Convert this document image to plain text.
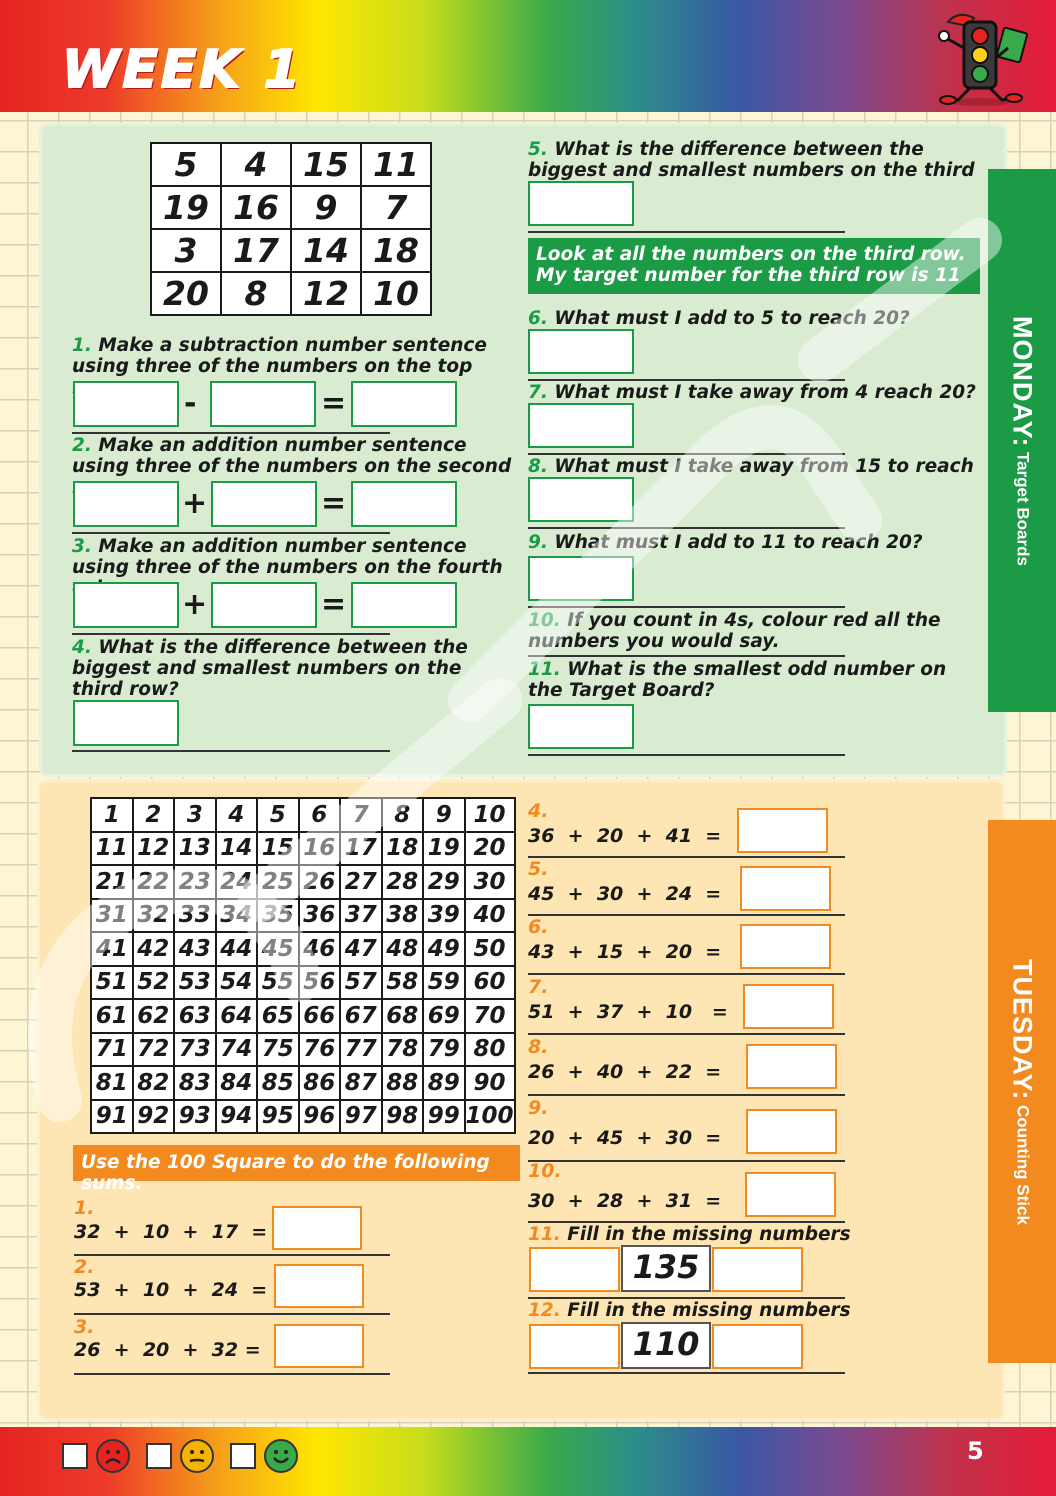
WEEK 1
MONDAY: Target Boards
TUESDAY: Counting Stick
5	4	15	11
19	16	9	7
3	17	14	18
20	8	12	10
1. Make a subtraction number sentence using three of the numbers on the top
-	=
2. Make an addition number sentence using three of the numbers on the second
+	=
3. Make an addition number sentence using three of the numbers on the fourth
+	=
4. What is the difference between the biggest and smallest numbers on the third row?
5. What is the difference between the biggest and smallest numbers on the third
Look at all the numbers on the third row. My target number for the third row is 11
6. What must I add to 5 to reach 20?
7. What must I take away from 4 reach 20?
8. What must I take away from 15 to reach
9. What must I add to 11 to reach 20?
10. If you count in 4s, colour red all the numbers you would say.
11. What is the smallest odd number on the Target Board?
1	2	3	4	5	6	7	8	9	10
11	12	13	14	15	16	17	18	19	20
21	22	23	24	25	26	27	28	29	30
31	32	33	34	35	36	37	38	39	40
41	42	43	44	45	46	47	48	49	50
51	52	53	54	55	56	57	58	59	60
61	62	63	64	65	66	67	68	69	70
71	72	73	74	75	76	77	78	79	80
81	82	83	84	85	86	87	88	89	90
91	92	93	94	95	96	97	98	99	100
Use the 100 Square to do the following sums.
1.
32  +  10  +  17  =
2.
53  +  10  +  24  =
3.
26  +  20  +  32 =
4.
36  +  20  +  41  =
5.
45  +  30  +  24  =
6.
43  +  15  +  20  =
7.
51  +  37  +  10   =
8.
26  +  40  +  22  =
9.
20  +  45  +  30  =
10.
30  +  28  +  31  =
11. Fill in the missing numbers
135
12. Fill in the missing numbers
110
5
